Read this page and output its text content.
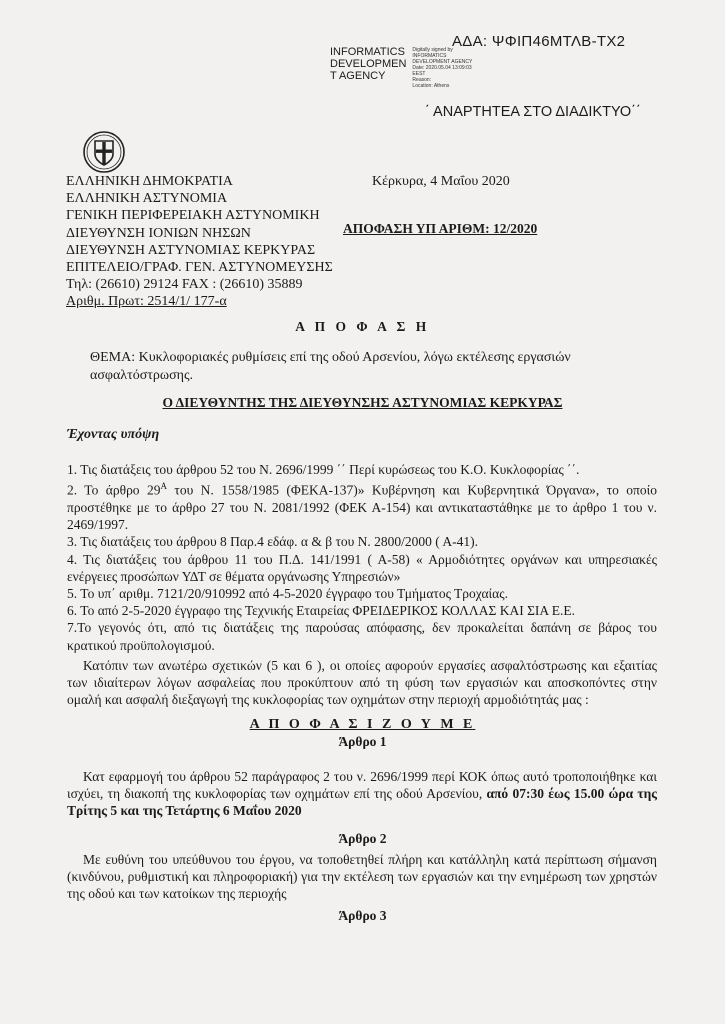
ΑΔΑ: ΨΦΙΠ46ΜΤΛΒ-ΤΧ2
INFORMATICS
DEVELOPMEN
T AGENCY
Digitally signed by
INFORMATICS
DEVELOPMENT AGENCY
Date: 2020.05.04 13:09:03
EEST
Reason:
Location: Athens
΄ ΑΝΑΡΤΗΤΕΑ ΣΤΟ ΔΙΑΔΙΚΤΥΟ΄΄
ΕΛΛΗΝΙΚΗ ΔΗΜΟΚΡΑΤΙΑ
ΕΛΛΗΝΙΚΗ ΑΣΤΥΝΟΜΙΑ
ΓΕΝΙΚΗ ΠΕΡΙΦΕΡΕΙΑΚΗ ΑΣΤΥΝΟΜΙΚΗ
ΔΙΕΥΘΥΝΣΗ ΙΟΝΙΩΝ ΝΗΣΩΝ
ΔΙΕΥΘΥΝΣΗ ΑΣΤΥΝΟΜΙΑΣ ΚΕΡΚΥΡΑΣ
ΕΠΙΤΕΛΕΙΟ/ΓΡΑΦ. ΓΕΝ. ΑΣΤΥΝΟΜΕΥΣΗΣ
Τηλ: (26610) 29124 FAX : (26610) 35889
Αριθμ. Πρωτ: 2514/1/ 177-α
Κέρκυρα, 4 Μαΐου 2020
ΑΠΟΦΑΣΗ ΥΠ ΑΡΙΘΜ: 12/2020
Α Π Ο Φ Α Σ Η
ΘΕΜΑ: Κυκλοφοριακές ρυθμίσεις επί της οδού Αρσενίου, λόγω εκτέλεσης εργασιών ασφαλτόστρωσης.
Ο ΔΙΕΥΘΥΝΤΗΣ ΤΗΣ ΔΙΕΥΘΥΝΣΗΣ ΑΣΤΥΝΟΜΙΑΣ ΚΕΡΚΥΡΑΣ
Έχοντας υπόψη

1. Τις διατάξεις του άρθρου 52 του Ν. 2696/1999 ΄΄ Περί κυρώσεως του Κ.Ο. Κυκλοφορίας ΄΄.

2. Το άρθρο $29^A$ του Ν. 1558/1985 (ΦΕΚΑ-137)» Κυβέρνηση και Κυβερνητικά Όργανα», το οποίο προστέθηκε με το άρθρο 27 του Ν. 2081/1992 (ΦΕΚ Α-154) και αντικαταστάθηκε με το άρθρο 1 του ν. 2469/1997.

3. Τις διατάξεις του άρθρου 8 Παρ.4 εδάφ. α & β του Ν. 2800/2000 ( Α-41).

4. Τις διατάξεις του άρθρου 11 του Π.Δ. 141/1991 ( Α-58) « Αρμοδιότητες οργάνων και υπηρεσιακές ενέργειες προσώπων ΥΔΤ σε θέματα οργάνωσης Υπηρεσιών»

5. Το υπ΄ αριθμ. 7121/20/910992 από 4-5-2020 έγγραφο του Τμήματος Τροχαίας.

6. Το από 2-5-2020 έγγραφο της Τεχνικής Εταιρείας ΦΡΕΙΔΕΡΙΚΟΣ ΚΟΛΛΑΣ ΚΑΙ ΣΙΑ Ε.Ε.

7.Το γεγονός ότι, από τις διατάξεις της παρούσας απόφασης, δεν προκαλείται δαπάνη σε βάρος του κρατικού προϋπολογισμού.

Κατόπιν των ανωτέρω σχετικών (5 και 6 ), οι οποίες αφορούν εργασίες ασφαλτόστρωσης και εξαιτίας των ιδιαίτερων λόγων ασφαλείας που προκύπτουν από τη φύση των εργασιών και αποσκοπόντες στην ομαλή και ασφαλή διεξαγωγή της κυκλοφορίας των οχημάτων στην περιοχή αρμοδιότητάς μας :
Α Π Ο Φ Α Σ Ι Ζ Ο Υ Μ Ε
Άρθρο 1
Κατ εφαρμογή του άρθρου 52 παράγραφος 2 του ν. 2696/1999 περί ΚΟΚ όπως αυτό τροποποιήθηκε και ισχύει, τη διακοπή της κυκλοφορίας των οχημάτων επί της οδού Αρσενίου, από 07:30 έως 15.00 ώρα της Τρίτης 5 και της Τετάρτης 6 Μαΐου 2020
Άρθρο 2
Με ευθύνη του υπεύθυνου του έργου, να τοποθετηθεί πλήρη και κατάλληλη κατά περίπτωση σήμανση (κινδύνου, ρυθμιστική και πληροφοριακή) για την εκτέλεση των εργασιών και την ενημέρωση των χρηστών της οδού και των κατοίκων της περιοχής
Άρθρο 3
